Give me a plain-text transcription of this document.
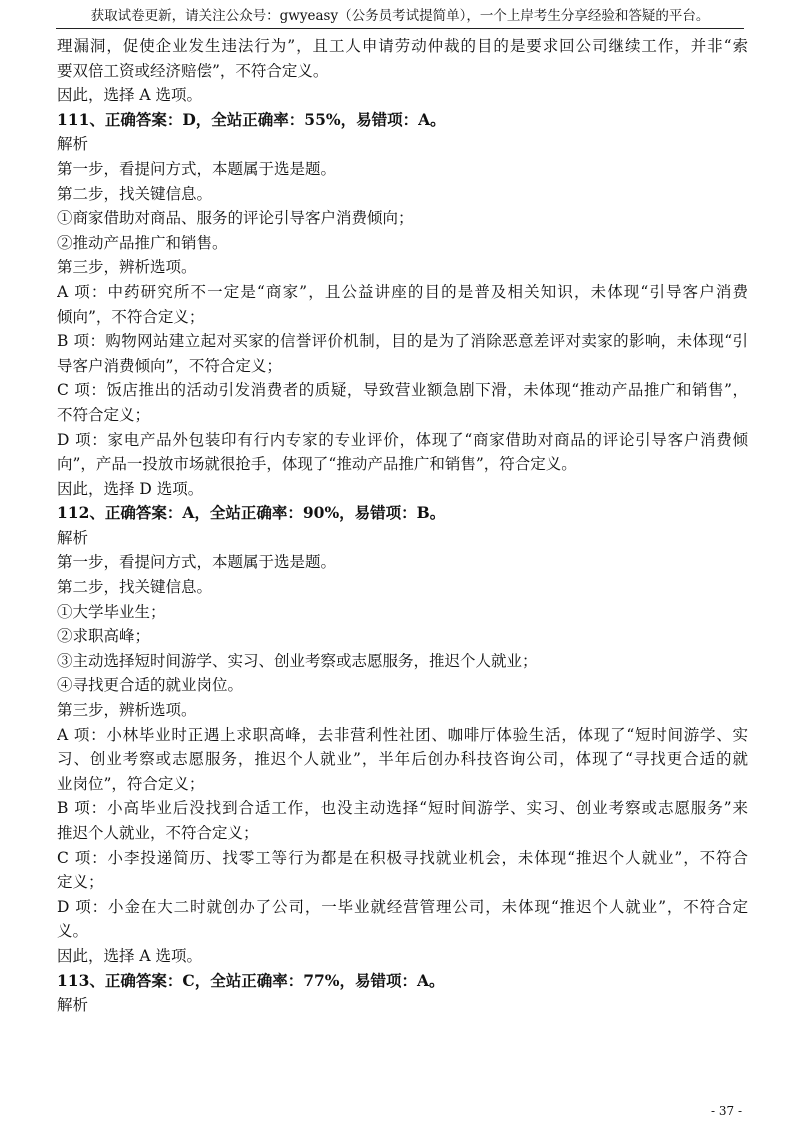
获取试卷更新，请关注公众号：gwyeasy（公务员考试提简单），一个上岸考生分享经验和答疑的平台。
理漏洞，促使企业发生违法行为”，且工人申请劳动仲裁的目的是要求回公司继续工作，并非“索
要双倍工资或经济赔偿”，不符合定义。
因此，选择 A 选项。
111、正确答案：D，全站正确率：55%，易错项：A。
解析
第一步，看提问方式，本题属于选是题。
第二步，找关键信息。
①商家借助对商品、服务的评论引导客户消费倾向；
②推动产品推广和销售。
第三步，辨析选项。
A 项：中药研究所不一定是“商家”，且公益讲座的目的是普及相关知识，未体现“引导客户消费
倾向”，不符合定义；
B 项：购物网站建立起对买家的信誉评价机制，目的是为了消除恶意差评对卖家的影响，未体现“引
导客户消费倾向”，不符合定义；
C 项：饭店推出的活动引发消费者的质疑，导致营业额急剧下滑，未体现“推动产品推广和销售”，
不符合定义；
D 项：家电产品外包装印有行内专家的专业评价，体现了“商家借助对商品的评论引导客户消费倾
向”，产品一投放市场就很抢手，体现了“推动产品推广和销售”，符合定义。
因此，选择 D 选项。
112、正确答案：A，全站正确率：90%，易错项：B。
解析
第一步，看提问方式，本题属于选是题。
第二步，找关键信息。
①大学毕业生；
②求职高峰；
③主动选择短时间游学、实习、创业考察或志愿服务，推迟个人就业；
④寻找更合适的就业岗位。
第三步，辨析选项。
A 项：小林毕业时正遇上求职高峰，去非营利性社团、咖啡厅体验生活，体现了“短时间游学、实
习、创业考察或志愿服务，推迟个人就业”，半年后创办科技咨询公司，体现了“寻找更合适的就
业岗位”，符合定义；
B 项：小高毕业后没找到合适工作，也没主动选择“短时间游学、实习、创业考察或志愿服务”来
推迟个人就业，不符合定义；
C 项：小李投递简历、找零工等行为都是在积极寻找就业机会，未体现“推迟个人就业”，不符合
定义；
D 项：小金在大二时就创办了公司，一毕业就经营管理公司，未体现“推迟个人就业”，不符合定
义。
因此，选择 A 选项。
113、正确答案：C，全站正确率：77%，易错项：A。
解析
- 37 -
